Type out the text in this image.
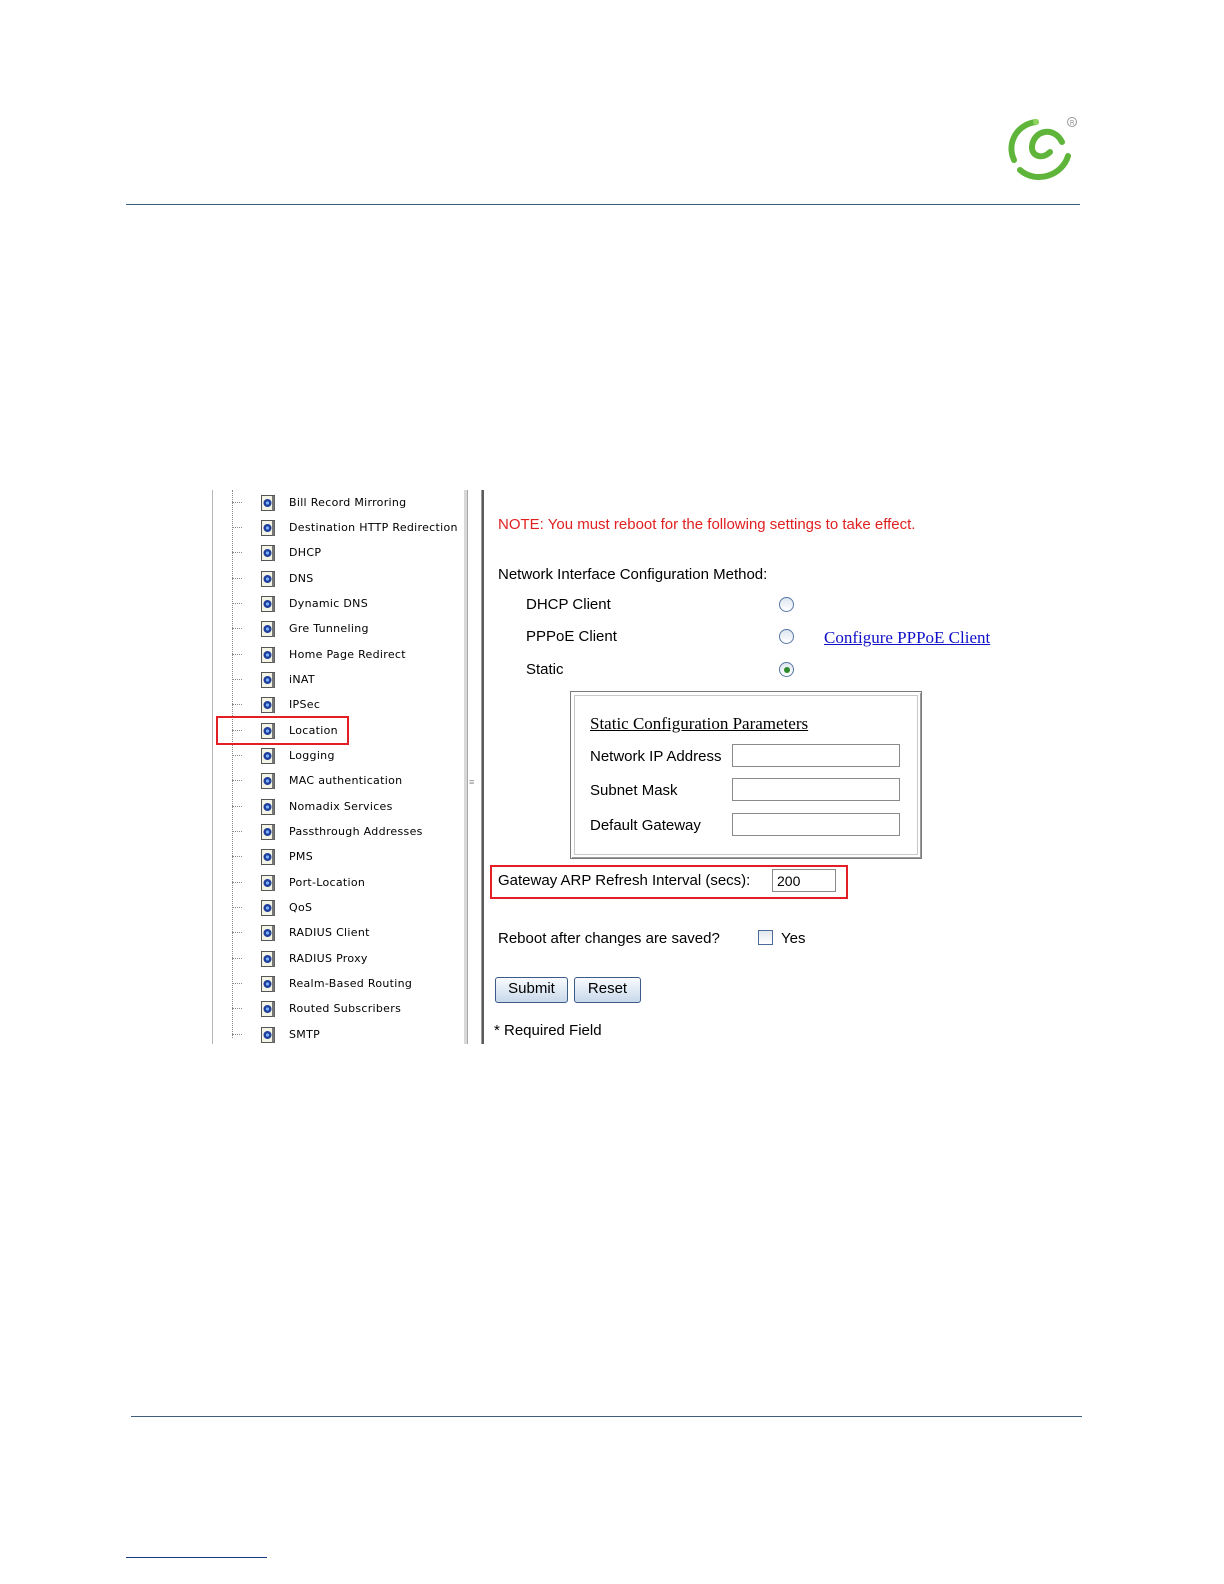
R
Bill Record Mirroring
Destination HTTP Redirection
DHCP
DNS
Dynamic DNS
Gre Tunneling
Home Page Redirect
iNAT
IPSec
Location
Logging
MAC authentication
Nomadix Services
Passthrough Addresses
PMS
Port-Location
QoS
RADIUS Client
RADIUS Proxy
Realm-Based Routing
Routed Subscribers
SMTP
≡
NOTE: You must reboot for the following settings to take effect.
Network Interface Configuration Method:
DHCP Client
PPPoE Client	Configure PPPoE Client
Static
Static Configuration Parameters
Network IP Address
Subnet Mask
Default Gateway
Gateway ARP Refresh Interval (secs):
200
Reboot after changes are saved?	Yes
Submit	Reset
* Required Field
